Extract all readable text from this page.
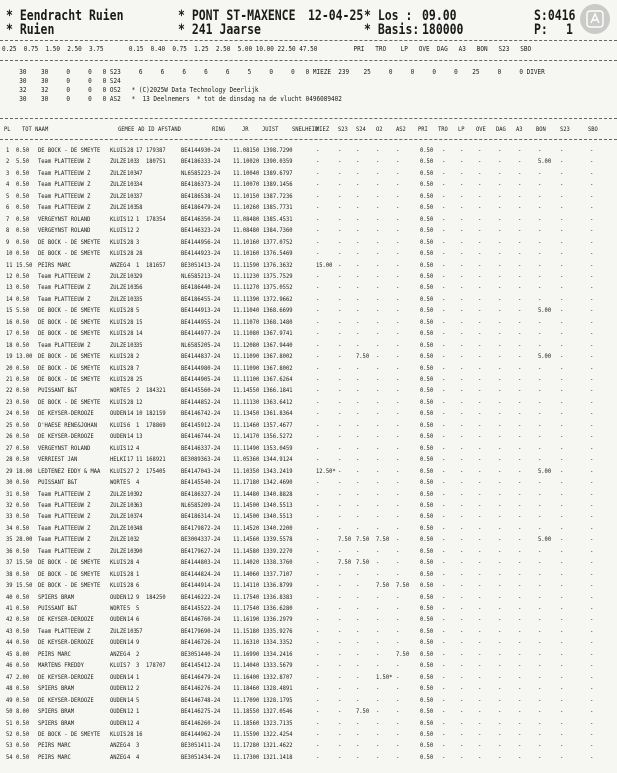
* Eendracht Ruien
* Ruien
* PONT ST-MAXENCE
* 241 Jaarse
12-04-25 * Los : 09.00
* Basis: 180000
S:0416
P: 1
0.25  0.75  1.50  2.50  3.75       0.15  0.40  0.75  1.25  2.50  5.00 10.00 22.50 47.50          PRI   TRO    LP   OVE  DAG   A3   BON   S23   SBO
30    30     0     0   0 S23     6     6     6     6     6     5     0     0   0 MIEZE  239    25     0     0     0     0    25     0     0 DIVER
30    30     0     0   0 S24
32    32     0     0   0 OS2   * (C)2025W Data Technology Deerlijk
30    30     0     0   0 AS2   *  13 Deelnemers  * tot de dinsdag na de vlucht 0496089402
PL TOT NAAM	GEMEE AD ID AFSTAND	RING	JR JUIST SNELHEID
MIEZ S23 S24 O2 AS2 PRI TRO LP OVE DAG A3 BON S23	SBO
1 0.50 DE BOCK - DE SMEYTE KLUIS 28 17 179387 BE4144930-24 11.08150 1398.7290	-	- -	-	-	0.50 - - -	-	-	-	-	-
2 5.50 Team PLATTEEUW Z	ZULZE 103 3 180751 BE4186333-24 11.10020 1390.0359	-	- -	-	-	0.50 - - -	-	-	5.00 -	-
3 0.50 Team PLATTEEUW Z	ZULZE 103 47	NL6585223-24 11.10040 1389.6797	-	- -	-	-	0.50 - - -	-	-	-	-	-
4 0.50 Team PLATTEEUW Z	ZULZE 103 34	BE4186373-24 11.10070 1389.1456	-	- -	-	-	0.50 - - -	-	-	-	-	-
5 0.50 Team PLATTEEUW Z	ZULZE 103 37	BE4186538-24 11.10150 1387.7236	-	- -	-	-	0.50 - - -	-	-	-	-	-
6 0.50 Team PLATTEEUW Z	ZULZE 103 58	BE4186479-24 11.10260 1385.7731	-	- -	-	-	0.50 - - -	-	-	-	-	-
7 0.50 VERGEYNST ROLAND	KLUIS 12 1 178354 BE4146350-24 11.08480 1385.4531	-	- -	-	-	0.50 - - -	-	-	-	-	-
8 0.50 VERGEYNST ROLAND	KLUIS 12 2	BE4146323-24 11.08480 1384.7360	-	- -	-	-	0.50 - - -	-	-	-	-	-
9 0.50 DE BOCK - DE SMEYTE KLUIS 28 3	BE4144956-24 11.10160 1377.0752	-	- -	-	-	0.50 - - -	-	-	-	-	-
10 0.50 DE BOCK - DE SMEYTE KLUIS 28 28	BE4144923-24 11.10160 1376.5469	-	- -	-	-	0.50 - - -	-	-	-	-	-
11 15.50 PEIRS MARC	ANZEG 4 1 181657 BE3051413-24 11.11590 1376.3632	15.00 - -	-	-	0.50 - - -	-	-	-	-	-
12 0.50 Team PLATTEEUW Z	ZULZE 103 29	NL6585213-24 11.11230 1375.7529	-	- -	-	-	0.50 - - -	-	-	-	-	-
13 0.50 Team PLATTEEUW Z	ZULZE 103 56	BE4186440-24 11.11270 1375.0552	-	- -	-	-	0.50 - - -	-	-	-	-	-
14 0.50 Team PLATTEEUW Z	ZULZE 103 35	BE4186455-24 11.11390 1372.9662	-	- -	-	-	0.50 - - -	-	-	-	-	-
15 5.50 DE BOCK - DE SMEYTE KLUIS 28 5	BE4144913-24 11.11040 1368.6699	-	- -	-	-	0.50 - - -	-	-	5.00 -	-
16 0.50 DE BOCK - DE SMEYTE KLUIS 28 15	BE4144955-24 11.11070 1368.1480	-	- -	-	-	0.50 - - -	-	-	-	-	-
17 0.50 DE BOCK - DE SMEYTE KLUIS 28 14	BE4144977-24 11.11080 1367.9741	-	- -	-	-	0.50 - - -	-	-	-	-	-
18 0.50 Team PLATTEEUW Z	ZULZE 103 35	NL6585205-24 11.12080 1367.9440	-	- -	-	-	0.50 - - -	-	-	-	-	-
19 13.00 DE BOCK - DE SMEYTE KLUIS 28 2	BE4144837-24 11.11090 1367.8002	-	- 7.50 -	-	0.50 - - -	-	-	5.00 -	-
20 0.50 DE BOCK - DE SMEYTE KLUIS 28 7	BE4144980-24 11.11090 1367.8002	-	- -	-	-	0.50 - - -	-	-	-	-	-
21 0.50 DE BOCK - DE SMEYTE KLUIS 28 25	BE4144905-24 11.11100 1367.6264	-	- -	-	-	0.50 - - -	-	-	-	-	-
22 0.50 PUISSANT B&T	WORTE 5 2 184321 BE4145560-24 11.14550 1366.1841	-	- -	-	-	0.50 - - -	-	-	-	-	-
23 0.50 DE BOCK - DE SMEYTE KLUIS 28 12	BE4144852-24 11.11130 1363.6412	-	- -	-	-	0.50 - - -	-	-	-	-	-
24 0.50 DE KEYSER-DEROOZE	OUDEN 14 10 182159 BE4146742-24 11.13450 1361.8364	-	- -	-	-	0.50 - - -	-	-	-	-	-
25 0.50 D'HAESE RENE&JOHAN KLUIS 6 1 178869 BE4145912-24 11.11460 1357.4677	-	- -	-	-	0.50 - - -	-	-	-	-	-
26 0.50 DE KEYSER-DEROOZE	OUDEN 14 13	BE4146744-24 11.14170 1356.5272	-	- -	-	-	0.50 - - -	-	-	-	-	-
27 0.50 VERGEYNST ROLAND	KLUIS 12 4	BE4146337-24 11.11490 1353.0459	-	- -	-	-	0.50 - - -	-	-	-	-	-
28 0.50 VERRIEST JAN	HELKI 17 11 168921 BE3089363-24 11.05360 1344.9124	-	- -	-	-	0.50 - - -	-	-	-	-	-
29 18.00 LEDTENEZ EDDY & MAA KLUIS 27 2 175405 BE4147043-24 11.10350 1343.2419	12.50* - -	-	-	0.50 - - -	-	-	5.00 -	-
30 0.50 PUISSANT B&T	WORTE 5 4	BE4145540-24 11.17180 1342.4690	-	- -	-	-	0.50 - - -	-	-	-	-	-
31 0.50 Team PLATTEEUW Z	ZULZE 103 92	BE4186327-24 11.14480 1340.8828	-	- -	-	-	0.50 - - -	-	-	-	-	-
32 0.50 Team PLATTEEUW Z	ZULZE 103 63	NL6585209-24 11.14500 1340.5513	-	- -	-	-	0.50 - - -	-	-	-	-	-
33 0.50 Team PLATTEEUW Z	ZULZE 103 74	BE4186314-24 11.14500 1340.5513	-	- -	-	-	0.50 - - -	-	-	-	-	-
34 0.50 Team PLATTEEUW Z	ZULZE 103 48	BE4179872-24 11.14520 1340.2200	-	- -	-	-	0.50 - - -	-	-	-	-	-
35 28.00 Team PLATTEEUW Z	ZULZE 103 2	BE3004337-24 11.14560 1339.5578	-	7.50 7.50 7.50 -	0.50 - - -	-	-	5.00 -	-
36 0.50 Team PLATTEEUW Z	ZULZE 103 90	BE4179627-24 11.14580 1339.2270	-	- -	-	-	0.50 - - -	-	-	-	-	-
37 15.50 DE BOCK - DE SMEYTE KLUIS 28 4	BE4144803-24 11.14020 1338.3760	-	7.50 7.50 -	-	0.50 - - -	-	-	-	-	-
38 0.50 DE BOCK - DE SMEYTE KLUIS 28 1	BE4144824-24 11.14060 1337.7107	-	- -	-	-	0.50 - - -	-	-	-	-	-
39 15.50 DE BOCK - DE SMEYTE KLUIS 28 6	BE4144914-24 11.14110 1336.8799	-	- -	7.50 7.50 0.50 - - -	-	-	-	-	-
40 0.50 SPIERS BRAM	OUDEN 12 9 184250 BE4146222-24 11.17540 1336.8383	-	- -	-	-	0.50 - - -	-	-	-	-	-
41 0.50 PUISSANT B&T	WORTE 5 5	BE4145522-24 11.17540 1336.6280	-	- -	-	-	0.50 - - -	-	-	-	-	-
42 0.50 DE KEYSER-DEROOZE	OUDEN 14 6	BE4146760-24 11.16190 1336.2979	-	- -	-	-	0.50 - - -	-	-	-	-	-
43 0.50 Team PLATTEEUW Z	ZULZE 103 57	BE4179690-24 11.15180 1335.9276	-	- -	-	-	0.50 - - -	-	-	-	-	-
44 0.50 DE KEYSER-DEROOZE	OUDEN 14 9	BE4146726-24 11.16310 1334.3352	-	- -	-	-	0.50 - - -	-	-	-	-	-
45 8.00 PEIRS MARC	ANZEG 4 2	BE3051440-24 11.16990 1334.2416	-	- -	-	7.50 0.50 - - -	-	-	-	-	-
46 0.50 MARTENS FREDDY	KLUIS 7 3 178707 BE4145412-24 11.14040 1333.5679	-	- -	-	-	0.50 - - -	-	-	-	-	-
47 2.00 DE KEYSER-DEROOZE	OUDEN 14 1	BE4146479-24 11.16400 1332.8707	-	- -	1.50* -	0.50 - - -	-	-	-	-	-
48 0.50 SPIERS BRAM	OUDEN 12 2	BE4146276-24 11.18460 1328.4891	-	- -	-	-	0.50 - - -	-	-	-	-	-
49 0.50 DE KEYSER-DEROOZE	OUDEN 14 5	BE4146748-24 11.17090 1328.1795	-	- -	-	-	0.50 - - -	-	-	-	-	-
50 8.00 SPIERS BRAM	OUDEN 12 1	BE4146275-24 11.18550 1327.0546	-	- 7.50 -	-	0.50 - - -	-	-	-	-	-
51 0.50 SPIERS BRAM	OUDEN 12 4	BE4146260-24 11.18560 1323.7135	-	- -	-	-	0.50 - - -	-	-	-	-	-
52 0.50 DE BOCK - DE SMEYTE KLUIS 28 16	BE4144962-24 11.15590 1322.4254	-	- -	-	-	0.50 - - -	-	-	-	-	-
53 0.50 PEIRS MARC	ANZEG 4 3	BE3051411-24 11.17280 1321.4622	-	- -	-	-	0.50 - - -	-	-	-	-	-
54 0.50 PEIRS MARC	ANZEG 4 4	BE3051434-24 11.17300 1321.1418	-	- -	-	-	0.50 - - -	-	-	-	-	-
